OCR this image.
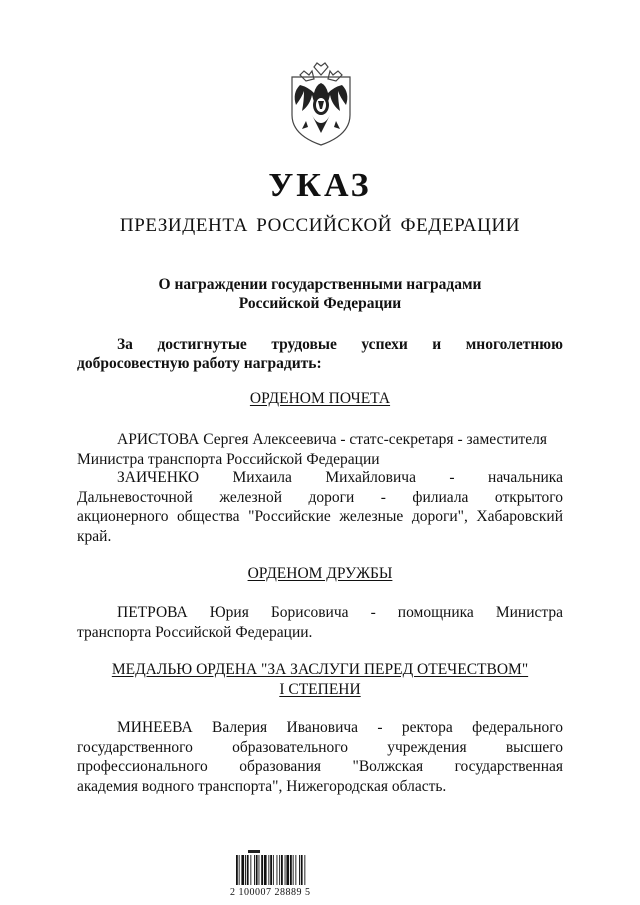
УКАЗ
ПРЕЗИДЕНТА РОССИЙСКОЙ ФЕДЕРАЦИИ
О награждении государственными наградами
Российской Федерации
За достигнутые трудовые успехи и многолетнюю
добросовестную работу наградить:
ОРДЕНОМ ПОЧЕТА
АРИСТОВА Сергея Алексеевича - статс-секретаря - заместителя
Министра транспорта Российской Федерации
ЗАИЧЕНКО Михаила Михайловича - начальника
Дальневосточной железной дороги - филиала открытого
акционерного общества "Российские железные дороги", Хабаровский
край.
ОРДЕНОМ ДРУЖБЫ
ПЕТРОВА Юрия Борисовича - помощника Министра
транспорта Российской Федерации.
МЕДАЛЬЮ ОРДЕНА "ЗА ЗАСЛУГИ ПЕРЕД ОТЕЧЕСТВОМ"
I СТЕПЕНИ
МИНЕЕВА Валерия Ивановича - ректора федерального
государственного образовательного учреждения высшего
профессионального образования "Волжская государственная
академия водного транспорта", Нижегородская область.
2 100007 28889 5
